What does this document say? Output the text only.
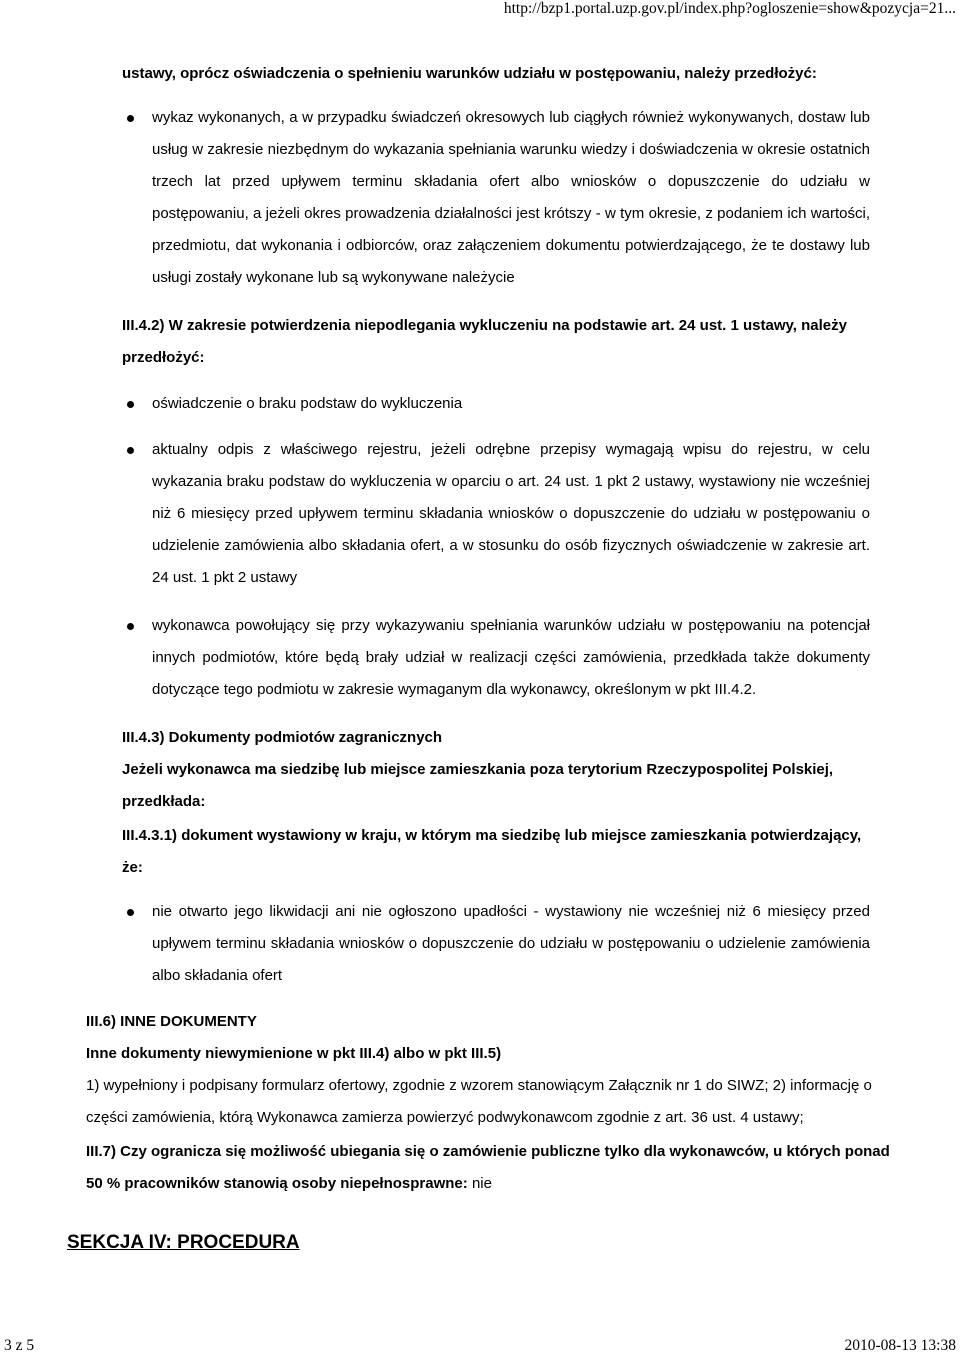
http://bzp1.portal.uzp.gov.pl/index.php?ogloszenie=show&pozycja=21...

ustawy, oprócz oświadczenia o spełnieniu warunków udziału w postępowaniu, należy przedłożyć:

wykaz wykonanych, a w przypadku świadczeń okresowych lub ciągłych również wykonywanych, dostaw lub usług w zakresie niezbędnym do wykazania spełniania warunku wiedzy i doświadczenia w okresie ostatnich trzech lat przed upływem terminu składania ofert albo wniosków o dopuszczenie do udziału w postępowaniu, a jeżeli okres prowadzenia działalności jest krótszy - w tym okresie, z podaniem ich wartości, przedmiotu, dat wykonania i odbiorców, oraz załączeniem dokumentu potwierdzającego, że te dostawy lub usługi zostały wykonane lub są wykonywane należycie

III.4.2) W zakresie potwierdzenia niepodlegania wykluczeniu na podstawie art. 24 ust. 1 ustawy, należy przedłożyć:

oświadczenie o braku podstaw do wykluczenia
aktualny odpis z właściwego rejestru, jeżeli odrębne przepisy wymagają wpisu do rejestru, w celu wykazania braku podstaw do wykluczenia w oparciu o art. 24 ust. 1 pkt 2 ustawy, wystawiony nie wcześniej niż 6 miesięcy przed upływem terminu składania wniosków o dopuszczenie do udziału w postępowaniu o udzielenie zamówienia albo składania ofert, a w stosunku do osób fizycznych oświadczenie w zakresie art. 24 ust. 1 pkt 2 ustawy
wykonawca powołujący się przy wykazywaniu spełniania warunków udziału w postępowaniu na potencjał innych podmiotów, które będą brały udział w realizacji części zamówienia, przedkłada także dokumenty dotyczące tego podmiotu w zakresie wymaganym dla wykonawcy, określonym w pkt III.4.2.

III.4.3) Dokumenty podmiotów zagranicznych

Jeżeli wykonawca ma siedzibę lub miejsce zamieszkania poza terytorium Rzeczypospolitej Polskiej, przedkłada:

III.4.3.1) dokument wystawiony w kraju, w którym ma siedzibę lub miejsce zamieszkania potwierdzający, że:

nie otwarto jego likwidacji ani nie ogłoszono upadłości - wystawiony nie wcześniej niż 6 miesięcy przed upływem terminu składania wniosków o dopuszczenie do udziału w postępowaniu o udzielenie zamówienia albo składania ofert

III.6) INNE DOKUMENTY

Inne dokumenty niewymienione w pkt III.4) albo w pkt III.5)

1) wypełniony i podpisany formularz ofertowy, zgodnie z wzorem stanowiącym Załącznik nr 1 do SIWZ; 2) informację o części zamówienia, którą Wykonawca zamierza powierzyć podwykonawcom zgodnie z art. 36 ust. 4 ustawy;

III.7) Czy ogranicza się możliwość ubiegania się o zamówienie publiczne tylko dla wykonawców, u których ponad 50 % pracowników stanowią osoby niepełnosprawne: nie

SEKCJA IV: PROCEDURA
3 z 5	2010-08-13 13:38
